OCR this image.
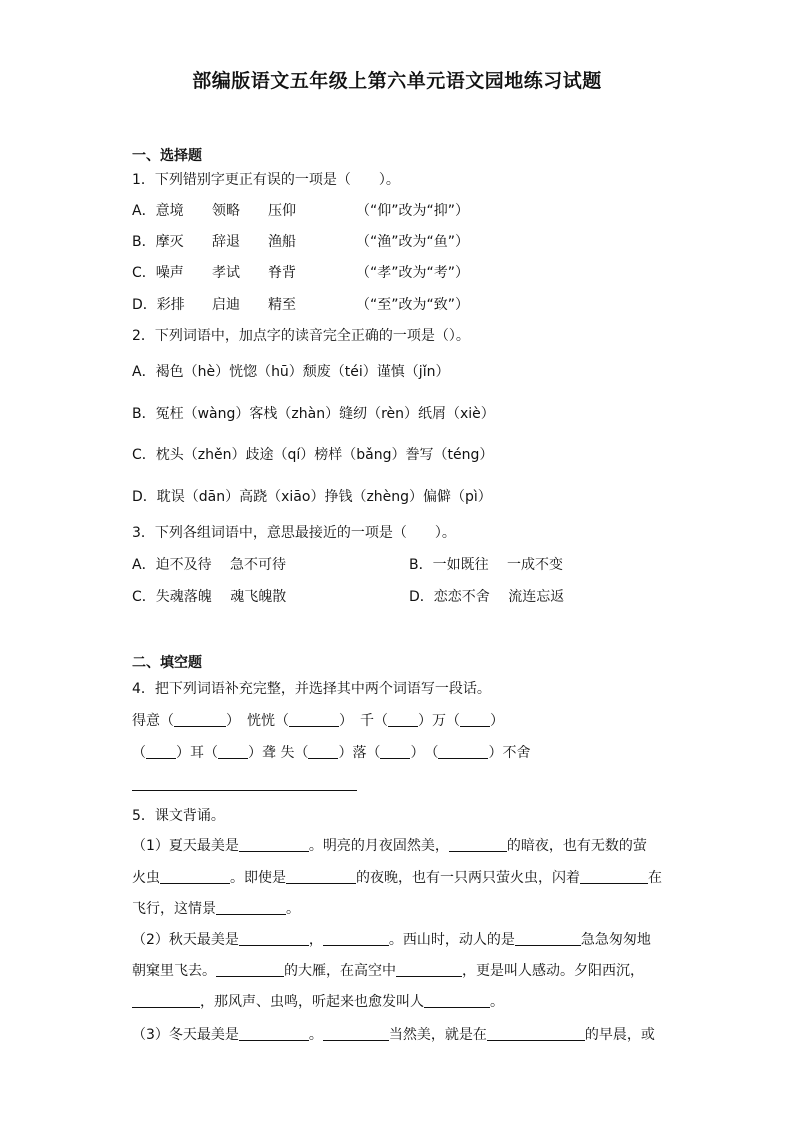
部编版语文五年级上第六单元语文园地练习试题
一、选择题
1．下列错别字更正有误的一项是（　　）。
A．意境 领略 压仰	（“仰”改为“抑”）
B．摩灭 辞退 渔船	（“渔”改为“鱼”）
C．噪声 孝试 脊背	（“孝”改为“考”）
D．彩排 启迪 精至	（“至”改为“致”）
2．下列词语中，加点字的读音完全正确的一项是（）。
A．褐色（hè）恍惚（hū）颓废（téi）谨慎（jǐn）
B．冤枉（wàng）客栈（zhàn）缝纫（rèn）纸屑（xiè）
C．枕头（zhěn）歧途（qí）榜样（bǎng）誊写（téng）
D．耽误（dān）高跷（xiāo）挣钱（zhèng）偏僻（pì）
3．下列各组词语中，意思最接近的一项是（　　）。
A．迫不及待　 急不可待	B．一如既往　 一成不变
C．失魂落魄　 魂飞魄散	D．恋恋不舍　 流连忘返
二、填空题
4．把下列词语补充完整，并选择其中两个词语写一段话。
得意（	）　恍恍（	）　千（ ）万（ ）
（ ）耳（ ）聋 失（ ）落（ ）　（	）不舍
5．课文背诵。
（1）夏天最美是	。明亮的月夜固然美，	的暗夜，也有无数的萤
火虫	。即使是	的夜晚，也有一只两只萤火虫，闪着	在
飞行，这情景	。
（2）秋天最美是	，	。西山时，动人的是	急急匆匆地
朝窠里飞去。	的大雁，在高空中	，更是叫人感动。夕阳西沉，
，那风声、虫鸣，听起来也愈发叫人	。
（3）冬天最美是	。	当然美，就是在	的早晨，或
